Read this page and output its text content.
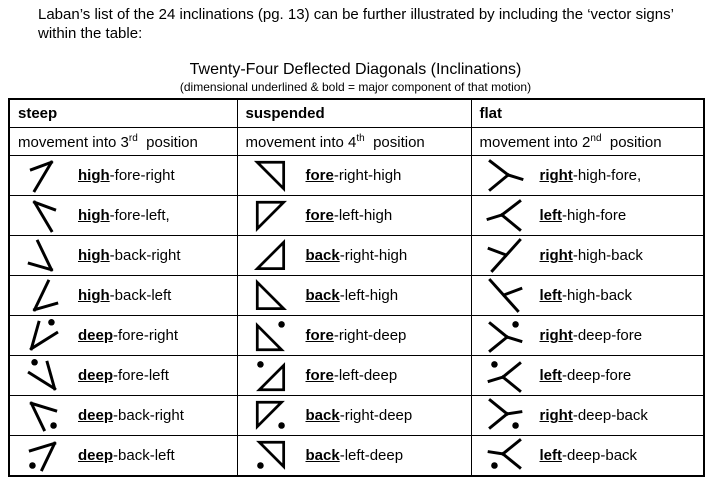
Laban’s list of the 24 inclinations (pg. 13) can be further illustrated by including the ‘vector signs’ within the table:

Twenty-Four Deflected Diagonals (Inclinations)
(dimensional underlined & bold = major component of that motion)
steep	suspended	flat
movement into 3rd  position	movement into 4th  position	movement into 2nd  position

high-fore-right	fore-right-high	right-high-fore,

high-fore-left,	fore-left-high	left-high-fore

high-back-right	back-right-high	right-high-back

high-back-left	back-left-high	left-high-back

deep-fore-right	fore-right-deep	right-deep-fore

deep-fore-left	fore-left-deep	left-deep-fore

deep-back-right	back-right-deep	right-deep-back

deep-back-left	back-left-deep	left-deep-back
